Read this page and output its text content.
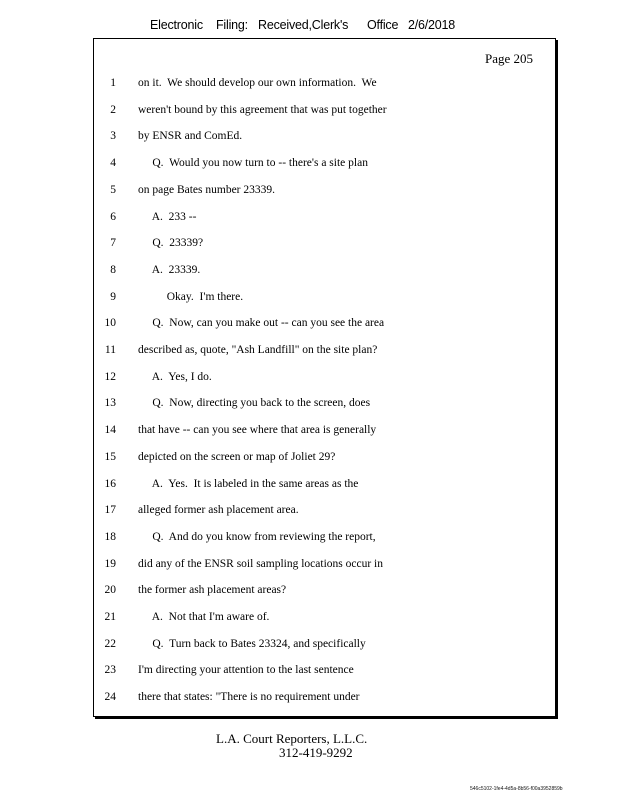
Electronic Filing: Received,Clerk's Office 2/6/2018
Page 205
1 on it.  We should develop our own information.  We
2 weren't bound by this agreement that was put together
3 by ENSR and ComEd.
4 Q.  Would you now turn to -- there's a site plan
5 on page Bates number 23339.
6 A.  233 --
7 Q.  23339?
8 A.  23339.
9 Okay.  I'm there.
10 Q.  Now, can you make out -- can you see the area
11 described as, quote, "Ash Landfill" on the site plan?
12 A.  Yes, I do.
13 Q.  Now, directing you back to the screen, does
14 that have -- can you see where that area is generally
15 depicted on the screen or map of Joliet 29?
16 A.  Yes.  It is labeled in the same areas as the
17 alleged former ash placement area.
18 Q.  And do you know from reviewing the report,
19 did any of the ENSR soil sampling locations occur in
20 the former ash placement areas?
21 A.  Not that I'm aware of.
22 Q.  Turn back to Bates 23324, and specifically
23 I'm directing your attention to the last sentence
24 there that states: "There is no requirement under
L.A. Court Reporters, L.L.C.
312-419-9292
546c5102-1fe4-4d5a-8b56-f00a3952859b
